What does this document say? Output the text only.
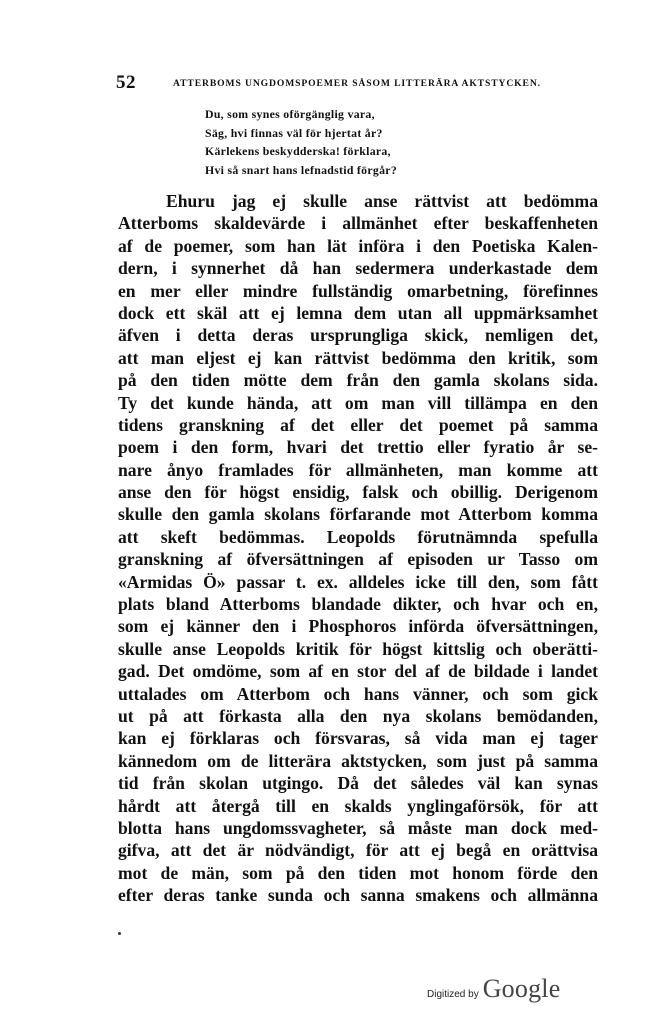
52	ATTERBOMS UNGDOMSPOEMER SÅSOM LITTERÄRA AKTSTYCKEN.
Du, som synes oförgänglig vara,
Säg, hvi finnas väl för hjertat år?
Kärlekens beskydderska! förklara,
Hvi så snart hans lefnadstid förgår?
Ehuru jag ej skulle anse rättvist att bedömma
Atterboms skaldevärde i allmänhet efter beskaffenheten
af de poemer, som han lät införa i den Poetiska Kalen-
dern, i synnerhet då han sedermera underkastade dem
en mer eller mindre fullständig omarbetning, förefinnes
dock ett skäl att ej lemna dem utan all uppmärksamhet
äfven i detta deras ursprungliga skick, nemligen det,
att man eljest ej kan rättvist bedömma den kritik, som
på den tiden mötte dem från den gamla skolans sida.
Ty det kunde hända, att om man vill tillämpa en den
tidens granskning af det eller det poemet på samma
poem i den form, hvari det trettio eller fyratio år se-
nare ånyo framlades för allmänheten, man komme att
anse den för högst ensidig, falsk och obillig. Derigenom
skulle den gamla skolans förfarande mot Atterbom komma
att skeft bedömmas. Leopolds förutnämnda spefulla
granskning af öfversättningen af episoden ur Tasso om
«Armidas Ö» passar t. ex. alldeles icke till den, som fått
plats bland Atterboms blandade dikter, och hvar och en,
som ej känner den i Phosphoros införda öfversättningen,
skulle anse Leopolds kritik för högst kittslig och oberätti-
gad. Det omdöme, som af en stor del af de bildade i landet
uttalades om Atterbom och hans vänner, och som gick
ut på att förkasta alla den nya skolans bemödanden,
kan ej förklaras och försvaras, så vida man ej tager
kännedom om de litterära aktstycken, som just på samma
tid från skolan utgingo. Då det således väl kan synas
hårdt att återgå till en skalds ynglingaförsök, för att
blotta hans ungdomssvagheter, så måste man dock med-
gifva, att det är nödvändigt, för att ej begå en orättvisa
mot de män, som på den tiden mot honom förde den
efter deras tanke sunda och sanna smakens och allmänna
Digitized by Google
